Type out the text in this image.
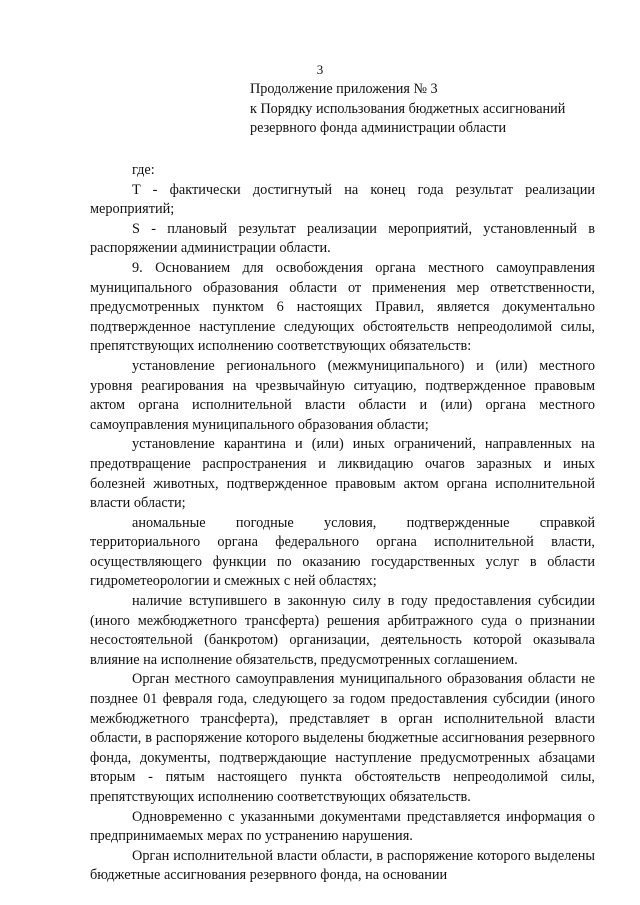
3
Продолжение приложения № 3
к Порядку использования бюджетных ассигнований
резервного фонда администрации области

где:

T - фактически достигнутый на конец года результат реализации мероприятий;

S - плановый результат реализации мероприятий, установленный в распоряжении администрации области.

9. Основанием для освобождения органа местного самоуправления муниципального образования области от применения мер ответственности, предусмотренных пунктом 6 настоящих Правил, является документально подтвержденное наступление следующих обстоятельств непреодолимой силы, препятствующих исполнению соответствующих обязательств:

установление регионального (межмуниципального) и (или) местного уровня реагирования на чрезвычайную ситуацию, подтвержденное правовым актом органа исполнительной власти области и (или) органа местного самоуправления муниципального образования области;

установление карантина и (или) иных ограничений, направленных на предотвращение распространения и ликвидацию очагов заразных и иных болезней животных, подтвержденное правовым актом органа исполнительной власти области;

аномальные погодные условия, подтвержденные справкой территориального органа федерального органа исполнительной власти, осуществляющего функции по оказанию государственных услуг в области гидрометеорологии и смежных с ней областях;

наличие вступившего в законную силу в году предоставления субсидии (иного межбюджетного трансферта) решения арбитражного суда о признании несостоятельной (банкротом) организации, деятельность которой оказывала влияние на исполнение обязательств, предусмотренных соглашением.

Орган местного самоуправления муниципального образования области не позднее 01 февраля года, следующего за годом предоставления субсидии (иного межбюджетного трансферта), представляет в орган исполнительной власти области, в распоряжение которого выделены бюджетные ассигнования резервного фонда, документы, подтверждающие наступление предусмотренных абзацами вторым - пятым настоящего пункта обстоятельств непреодолимой силы, препятствующих исполнению соответствующих обязательств.

Одновременно с указанными документами представляется информация о предпринимаемых мерах по устранению нарушения.

Орган исполнительной власти области, в распоряжение которого выделены бюджетные ассигнования резервного фонда, на основании
